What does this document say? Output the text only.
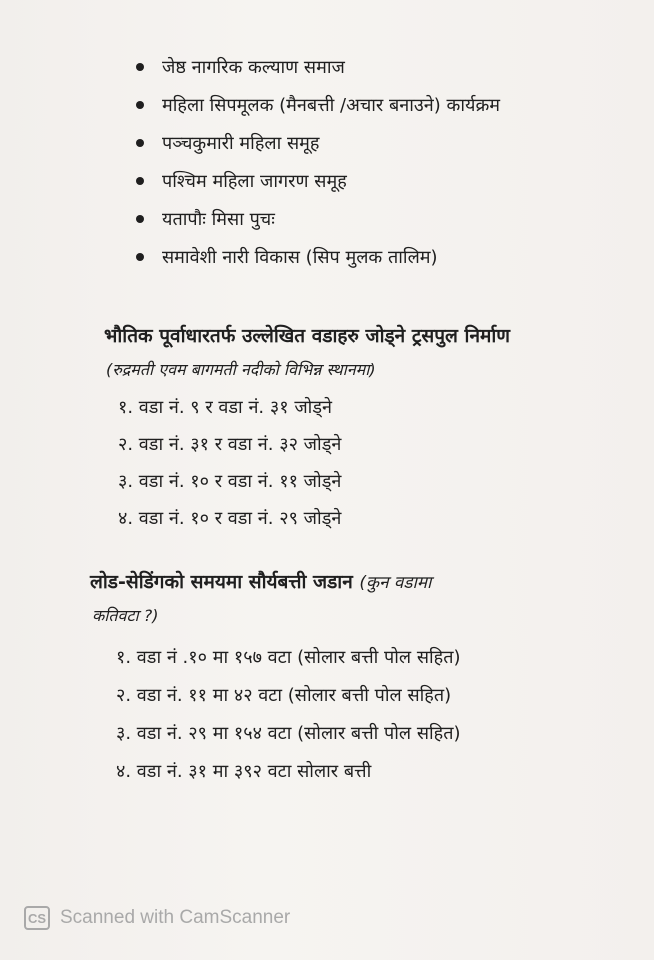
जेष्ठ नागरिक कल्याण समाज
महिला सिपमूलक (मैनबत्ती /अचार बनाउने) कार्यक्रम
पञ्चकुमारी महिला समूह
पश्चिम महिला जागरण समूह
यतापौः मिसा पुचः
समावेशी नारी विकास (सिप मुलक तालिम)
भौतिक पूर्वाधारतर्फ उल्लेखित वडाहरु जोड्ने ट्रसपुल निर्माण
(रुद्रमती एवम बागमती नदीको विभिन्न स्थानमा)
१. वडा नं. ९ र वडा नं. ३१ जोड्ने
२. वडा नं. ३१ र वडा नं. ३२ जोड्ने
३. वडा नं. १० र वडा नं. ११ जोड्ने
४. वडा नं. १० र वडा नं. २९ जोड्ने
लोड-सेडिंगको समयमा सौर्यबत्ती जडान (कुन वडामा
कतिवटा ?)
१. वडा नं .१० मा १५७ वटा (सोलार बत्ती पोल सहित)
२. वडा नं. ११ मा ४२ वटा (सोलार बत्ती पोल सहित)
३. वडा नं. २९ मा १५४ वटा (सोलार बत्ती पोल सहित)
४. वडा नं. ३१ मा ३९२ वटा सोलार बत्ती
CS Scanned with CamScanner
